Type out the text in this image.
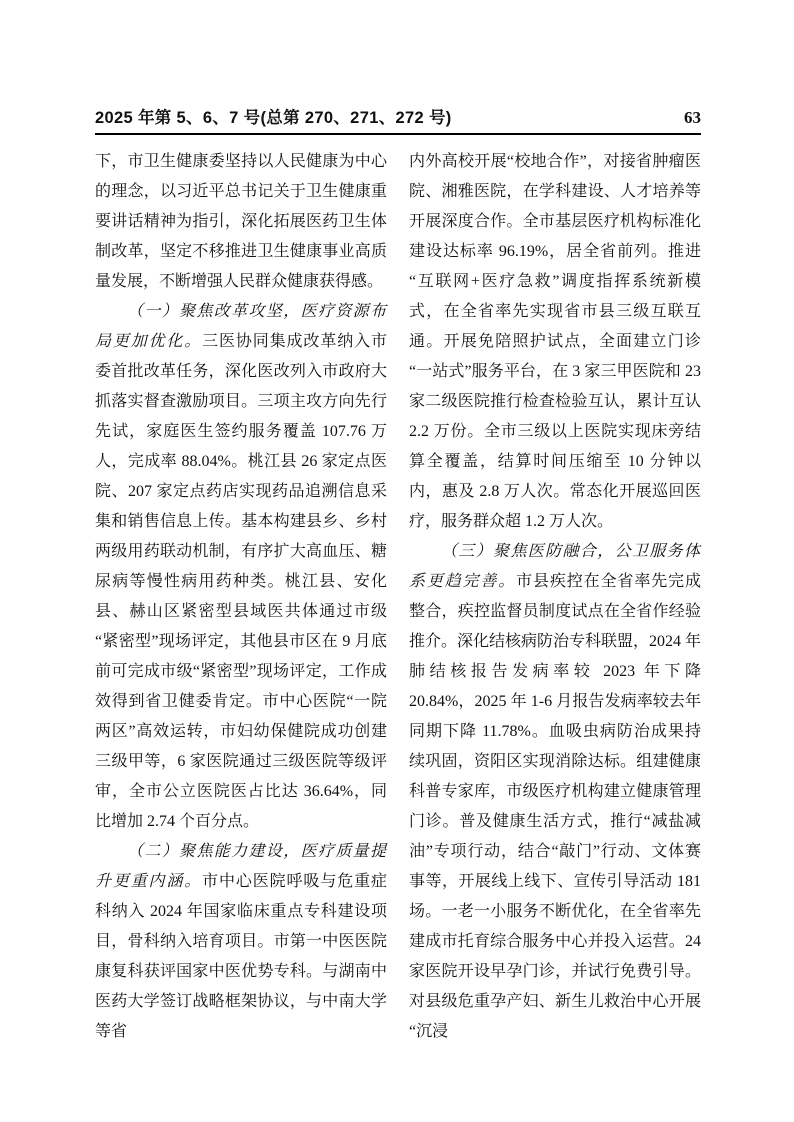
2025 年第 5、6、7 号(总第 270、271、272 号)	63

下，市卫生健康委坚持以人民健康为中心的理念，以习近平总书记关于卫生健康重要讲话精神为指引，深化拓展医药卫生体制改革，坚定不移推进卫生健康事业高质量发展，不断增强人民群众健康获得感。

（一）聚焦改革攻坚，医疗资源布局更加优化。三医协同集成改革纳入市委首批改革任务，深化医改列入市政府大抓落实督查激励项目。三项主攻方向先行先试，家庭医生签约服务覆盖 107.76 万人，完成率 88.04%。桃江县 26 家定点医院、207 家定点药店实现药品追溯信息采集和销售信息上传。基本构建县乡、乡村两级用药联动机制，有序扩大高血压、糖尿病等慢性病用药种类。桃江县、安化县、赫山区紧密型县域医共体通过市级“紧密型”现场评定，其他县市区在 9 月底前可完成市级“紧密型”现场评定，工作成效得到省卫健委肯定。市中心医院“一院两区”高效运转，市妇幼保健院成功创建三级甲等，6 家医院通过三级医院等级评审，全市公立医院医占比达 36.64%，同比增加 2.74 个百分点。

（二）聚焦能力建设，医疗质量提升更重内涵。市中心医院呼吸与危重症科纳入 2024 年国家临床重点专科建设项目，骨科纳入培育项目。市第一中医医院康复科获评国家中医优势专科。与湖南中医药大学签订战略框架协议，与中南大学等省

内外高校开展“校地合作”，对接省肿瘤医院、湘雅医院，在学科建设、人才培养等开展深度合作。全市基层医疗机构标准化建设达标率 96.19%，居全省前列。推进“互联网+医疗急救”调度指挥系统新模式，在全省率先实现省市县三级互联互通。开展免陪照护试点，全面建立门诊“一站式”服务平台，在 3 家三甲医院和 23 家二级医院推行检查检验互认，累计互认 2.2 万份。全市三级以上医院实现床旁结算全覆盖，结算时间压缩至 10 分钟以内，惠及 2.8 万人次。常态化开展巡回医疗，服务群众超 1.2 万人次。

（三）聚焦医防融合，公卫服务体系更趋完善。市县疾控在全省率先完成整合，疾控监督员制度试点在全省作经验推介。深化结核病防治专科联盟，2024 年肺结核报告发病率较 2023 年下降 20.84%，2025 年 1-6 月报告发病率较去年同期下降 11.78%。血吸虫病防治成果持续巩固，资阳区实现消除达标。组建健康科普专家库，市级医疗机构建立健康管理门诊。普及健康生活方式，推行“减盐减油”专项行动，结合“敲门”行动、文体赛事等，开展线上线下、宣传引导活动 181 场。一老一小服务不断优化，在全省率先建成市托育综合服务中心并投入运营。24 家医院开设早孕门诊，并试行免费引导。对县级危重孕产妇、新生儿救治中心开展“沉浸
